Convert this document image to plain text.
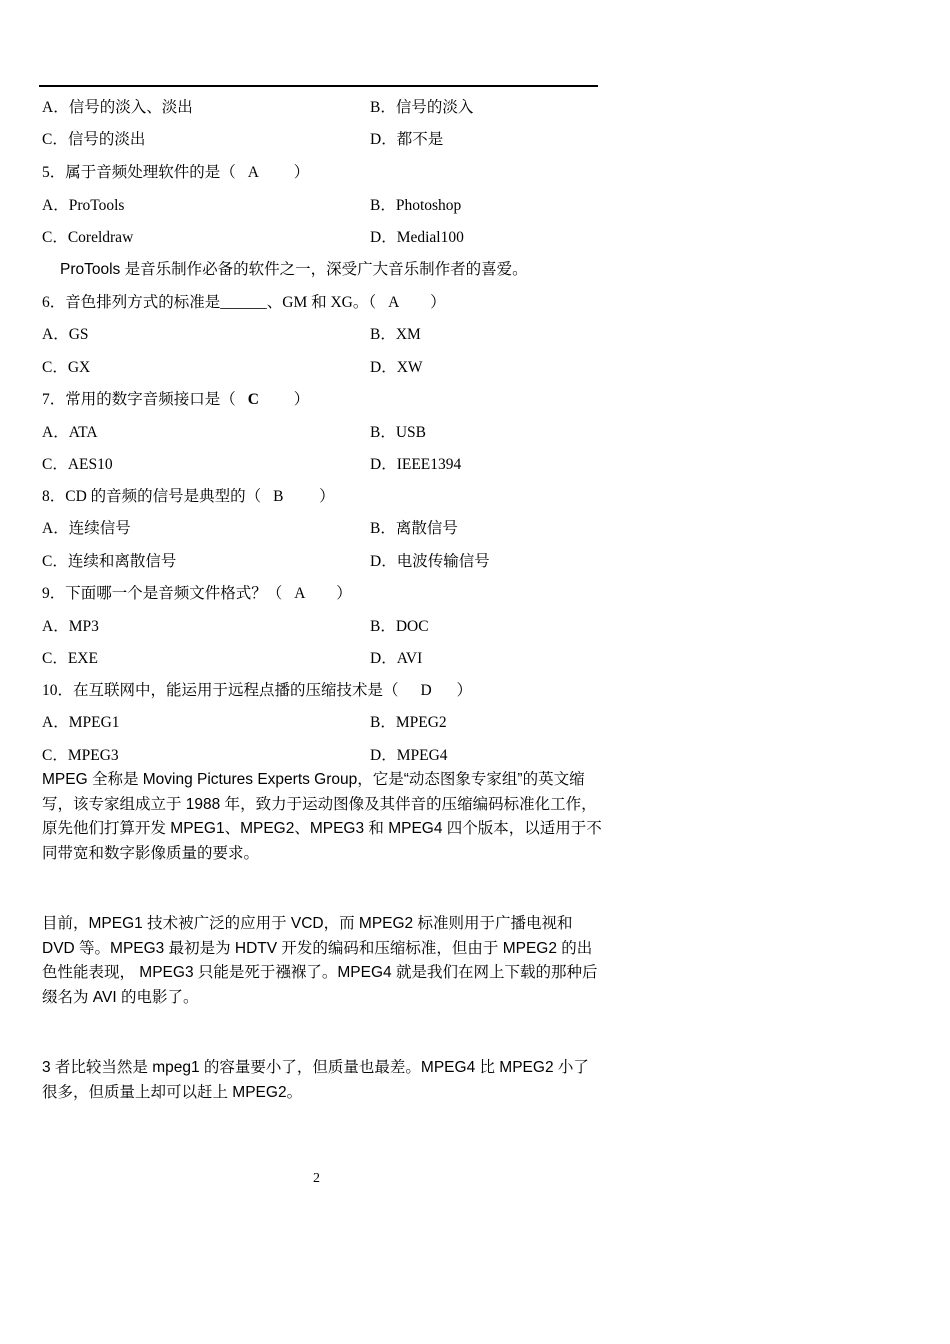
A．信号的淡入、淡出	B．信号的淡入
C．信号的淡出	D．都不是
5．属于音频处理软件的是（ A ）
A．ProTools	B．Photoshop
C．Coreldraw	D．Medial100
ProTools 是音乐制作必备的软件之一，深受广大音乐制作者的喜爱。
6．音色排列方式的标准是______、GM 和 XG。（ A ）
A．GS	B．XM
C．GX	D．XW
7．常用的数字音频接口是（ C ）
A．ATA	B．USB
C．AES10	D．IEEE1394
8．CD 的音频的信号是典型的（ B ）
A．连续信号	B．离散信号
C．连续和离散信号	D．电波传输信号
9．下面哪一个是音频文件格式？（ A ）
A．MP3	B．DOC
C．EXE	D．AVI
10．在互联网中，能运用于远程点播的压缩技术是（ D ）
A．MPEG1	B．MPEG2
C．MPEG3	D．MPEG4
MPEG 全称是 Moving Pictures Experts Group，它是“动态图象专家组”的英文缩写，该专家组成立于 1988 年，致力于运动图像及其伴音的压缩编码标准化工作，原先他们打算开发 MPEG1、MPEG2、MPEG3 和 MPEG4 四个版本，以适用于不同带宽和数字影像质量的要求。
目前，MPEG1 技术被广泛的应用于 VCD，而 MPEG2 标准则用于广播电视和 DVD 等。MPEG3 最初是为 HDTV 开发的编码和压缩标准，但由于 MPEG2 的出色性能表现， MPEG3 只能是死于襁褓了。MPEG4 就是我们在网上下载的那种后缀名为 AVI 的电影了。
3 者比较当然是 mpeg1 的容量要小了，但质量也最差。MPEG4 比 MPEG2 小了很多，但质量上却可以赶上 MPEG2。
2
